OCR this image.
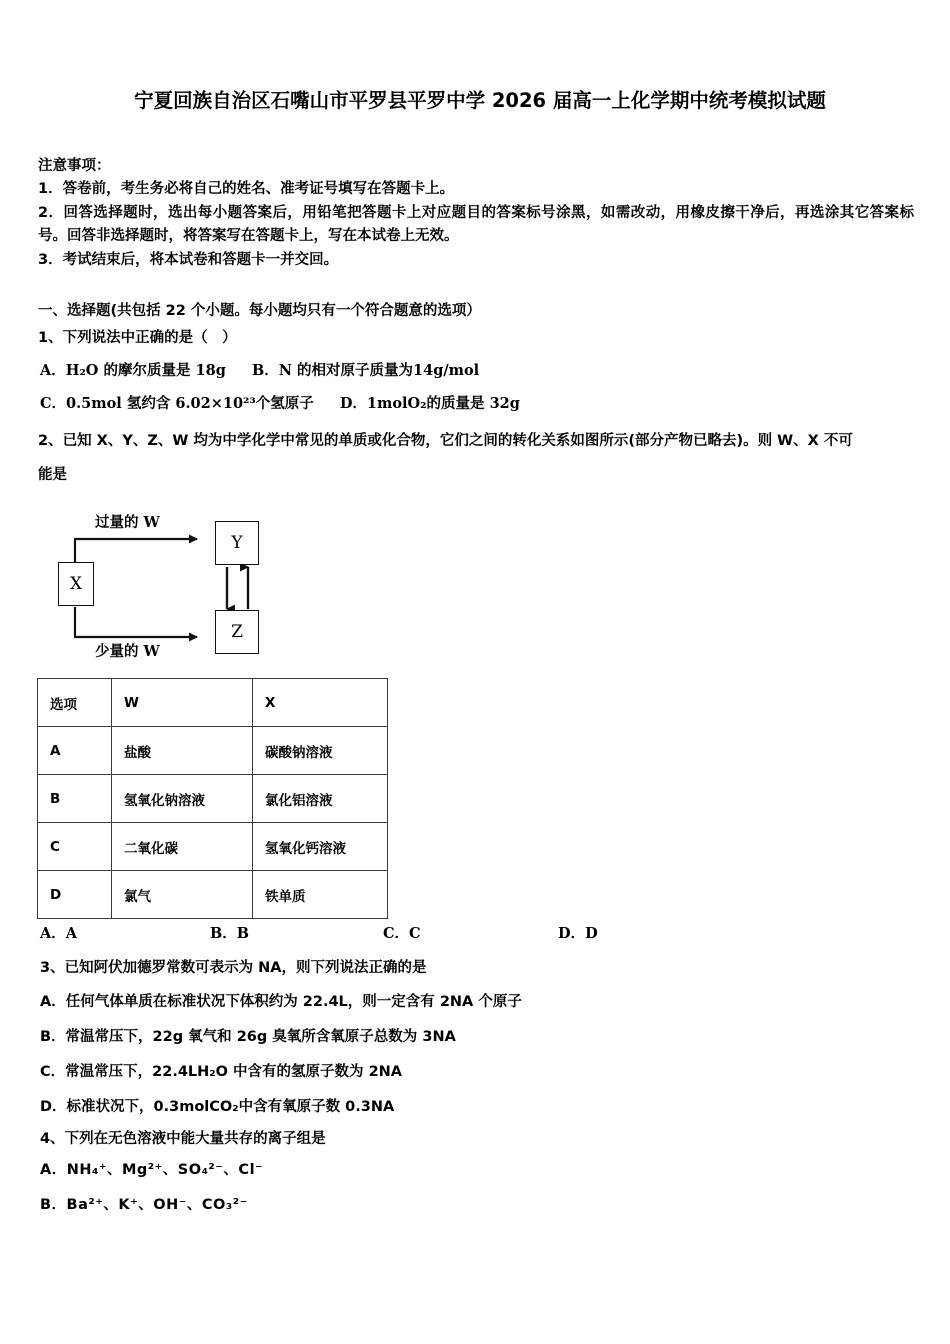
宁夏回族自治区石嘴山市平罗县平罗中学 2026 届高一上化学期中统考模拟试题
注意事项：
1．答卷前，考生务必将自己的姓名、准考证号填写在答题卡上。
2．回答选择题时，选出每小题答案后，用铅笔把答题卡上对应题目的答案标号涂黑，如需改动，用橡皮擦干净后，再选涂其它答案标号。回答非选择题时，将答案写在答题卡上，写在本试卷上无效。
3．考试结束后，将本试卷和答题卡一并交回。
一、选择题(共包括 22 个小题。每小题均只有一个符合题意的选项）
1、下列说法中正确的是（　）
A．H₂O 的摩尔质量是 18g B．N 的相对原子质量为14g/mol
C．0.5mol 氢约含 6.02×10²³个氢原子 D．1molO₂的质量是 32g
2、已知 X、Y、Z、W 均为中学化学中常见的单质或化合物，它们之间的转化关系如图所示(部分产物已略去)。则 W、X 不可
能是
X
Y
Z
过量的 W
少量的 W
选项	W	X
A	盐酸	碳酸钠溶液
B	氢氧化钠溶液	氯化铝溶液
C	二氧化碳	氢氧化钙溶液
D	氯气	铁单质
A．A	B．B	C．C	D．D
3、已知阿伏加德罗常数可表示为 NA，则下列说法正确的是
A．任何气体单质在标准状况下体积约为 22.4L，则一定含有 2NA 个原子
B．常温常压下，22g 氧气和 26g 臭氧所含氧原子总数为 3NA
C．常温常压下，22.4LH₂O 中含有的氢原子数为 2NA
D．标准状况下，0.3molCO₂中含有氧原子数 0.3NA
4、下列在无色溶液中能大量共存的离子组是
A．NH₄⁺、Mg²⁺、SO₄²⁻、Cl⁻
B．Ba²⁺、K⁺、OH⁻、CO₃²⁻
